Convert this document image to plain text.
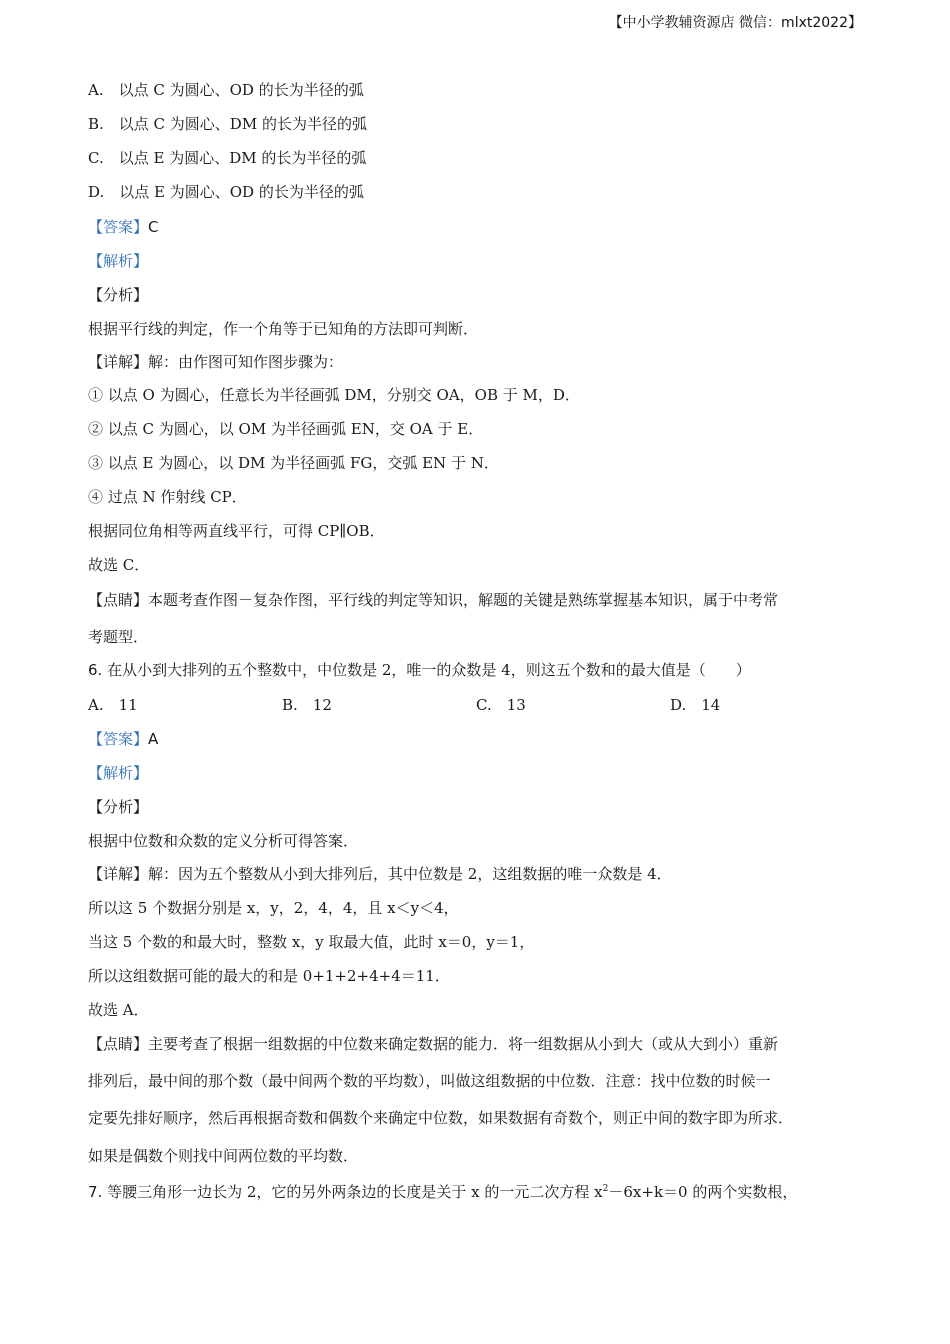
【中小学教辅资源店 微信：mlxt2022】
A.　以点 C 为圆心、OD 的长为半径的弧
B.　以点 C 为圆心、DM 的长为半径的弧
C.　以点 E 为圆心、DM 的长为半径的弧
D.　以点 E 为圆心、OD 的长为半径的弧
【答案】C
【解析】
【分析】
根据平行线的判定，作一个角等于已知角的方法即可判断．
【详解】解：由作图可知作图步骤为：
① 以点 O 为圆心，任意长为半径画弧 DM，分别交 OA，OB 于 M，D．
② 以点 C 为圆心，以 OM 为半径画弧 EN，交 OA 于 E．
③ 以点 E 为圆心，以 DM 为半径画弧 FG，交弧 EN 于 N．
④ 过点 N 作射线 CP．
根据同位角相等两直线平行，可得 CP∥OB．
故选 C．
【点睛】本题考查作图－复杂作图，平行线的判定等知识，解题的关键是熟练掌握基本知识，属于中考常
考题型．
6. 在从小到大排列的五个整数中，中位数是 2，唯一的众数是 4，则这五个数和的最大值是（　　）
A.　11	B.　12	C.　13	D.　14
【答案】A
【解析】
【分析】
根据中位数和众数的定义分析可得答案．
【详解】解：因为五个整数从小到大排列后，其中位数是 2，这组数据的唯一众数是 4．
所以这 5 个数据分别是 x，y，2，4，4，且 x＜y＜4，
当这 5 个数的和最大时，整数 x，y 取最大值，此时 x＝0，y＝1，
所以这组数据可能的最大的和是 0+1+2+4+4＝11．
故选 A．
【点睛】主要考查了根据一组数据的中位数来确定数据的能力．将一组数据从小到大（或从大到小）重新
排列后，最中间的那个数（最中间两个数的平均数），叫做这组数据的中位数．注意：找中位数的时候一
定要先排好顺序，然后再根据奇数和偶数个来确定中位数，如果数据有奇数个，则正中间的数字即为所求．
如果是偶数个则找中间两位数的平均数．
7. 等腰三角形一边长为 2，它的另外两条边的长度是关于 x 的一元二次方程 $x^2-6x+k=0$ 的两个实数根，
